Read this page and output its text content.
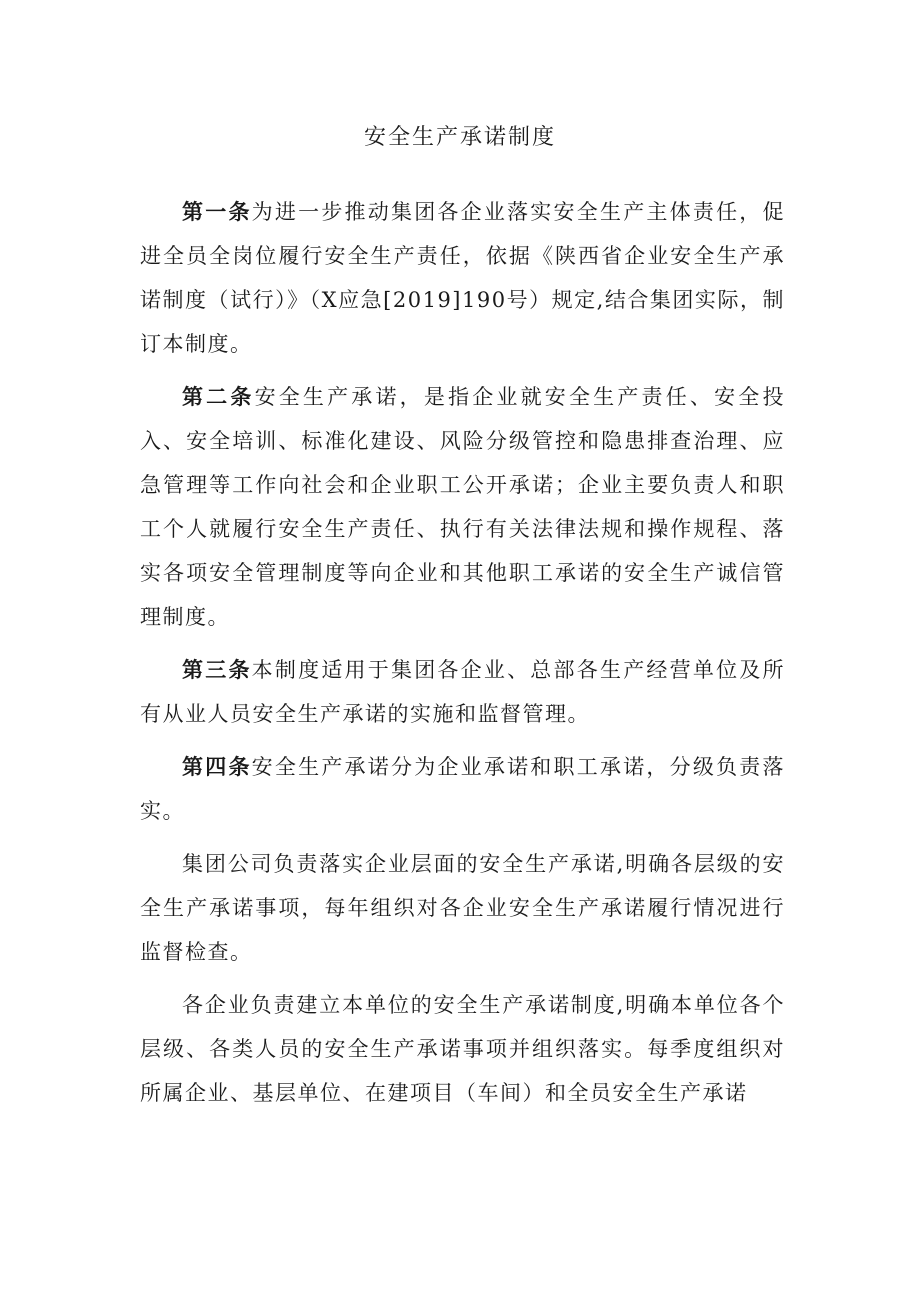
安全生产承诺制度

第一条为进一步推动集团各企业落实安全生产主体责任，促进全员全岗位履行安全生产责任，依据《陕西省企业安全生产承诺制度（试行）》（X应急[2019]190号）规定,结合集团实际，制订本制度。

第二条安全生产承诺，是指企业就安全生产责任、安全投入、安全培训、标准化建设、风险分级管控和隐患排查治理、应急管理等工作向社会和企业职工公开承诺；企业主要负责人和职工个人就履行安全生产责任、执行有关法律法规和操作规程、落实各项安全管理制度等向企业和其他职工承诺的安全生产诚信管理制度。

第三条本制度适用于集团各企业、总部各生产经营单位及所有从业人员安全生产承诺的实施和监督管理。

第四条安全生产承诺分为企业承诺和职工承诺，分级负责落实。

集团公司负责落实企业层面的安全生产承诺,明确各层级的安全生产承诺事项，每年组织对各企业安全生产承诺履行情况进行监督检查。

各企业负责建立本单位的安全生产承诺制度,明确本单位各个层级、各类人员的安全生产承诺事项并组织落实。每季度组织对所属企业、基层单位、在建项目（车间）和全员安全生产承诺
